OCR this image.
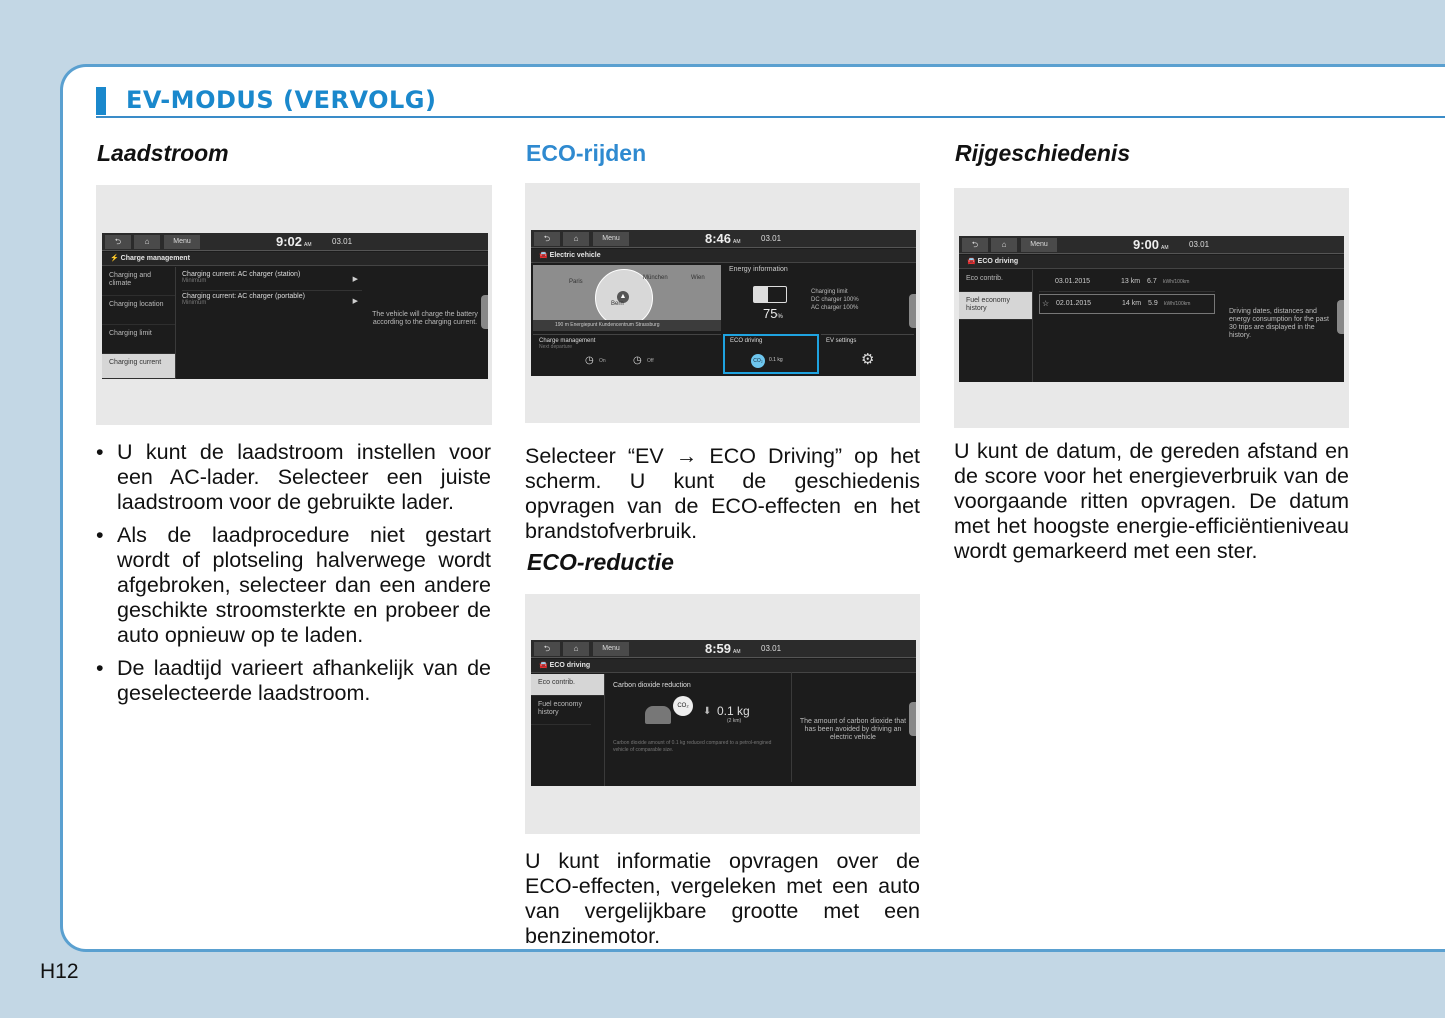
EV-MODUS (VERVOLG)
Laadstroom
⮌	⌂	Menu	9:02 AM	03.01
⚡ Charge management
Charging and climate
Charging location
Charging limit
Charging current
Charging current: AC charger (station)
Minimum	▶
Charging current: AC charger (portable)
Minimum	▶
The vehicle will charge the battery according to the charging current.
• U kunt de laadstroom instellen voor een AC-lader. Selecteer een juiste laadstroom voor de gebruikte lader.
• Als de laadprocedure niet gestart wordt of plotseling halverwege wordt afgebroken, selecteer dan een andere geschikte stroomsterkte en probeer de auto opnieuw op te laden.
• De laadtijd varieert afhankelijk van de geselecteerde laadstroom.
ECO-rijden
⮌	⌂	Menu	8:46 AM	03.01
🚘 Electric vehicle
▲
Paris
München	Wien
Bern
190 m Energiepunt Kundencentrum Strassburg
Energy information
75%
Charging limit
DC charger 100%
AC charger 100%
Charge management
Next departure
◷ On	◷ Off
ECO driving
CO₂	0.1 kg
EV settings
⚙
Selecteer “EV → ECO Driving” op het scherm. U kunt de geschiedenis opvragen van de ECO-effecten en het brandstofverbruik.
ECO-reductie
⮌	⌂	Menu	8:59 AM	03.01
🚘 ECO driving
Eco contrib.
Fuel economy history
Carbon dioxide reduction
CO₂	⬇ 0.1 kg
(2 km)
Carbon dioxide amount of 0.1 kg reduced compared to a petrol-engined vehicle of comparable size.
The amount of carbon dioxide that has been avoided by driving an electric vehicle
U kunt informatie opvragen over de ECO-effecten, vergeleken met een auto van vergelijkbare grootte met een benzinemotor.
Rijgeschiedenis
⮌	⌂	Menu	9:00 AM	03.01
🚘 ECO driving
Eco contrib.
Fuel economy history
03.01.2015	13 km 6.7 kWh/100km
☆ 02.01.2015	14 km 5.9 kWh/100km
Driving dates, distances and energy consumption for the past 30 trips are displayed in the history.
U kunt de datum, de gereden afstand en de score voor het energieverbruik van de voorgaande ritten opvragen. De datum met het hoogste energie-efficiëntieniveau wordt gemarkeerd met een ster.
H12
